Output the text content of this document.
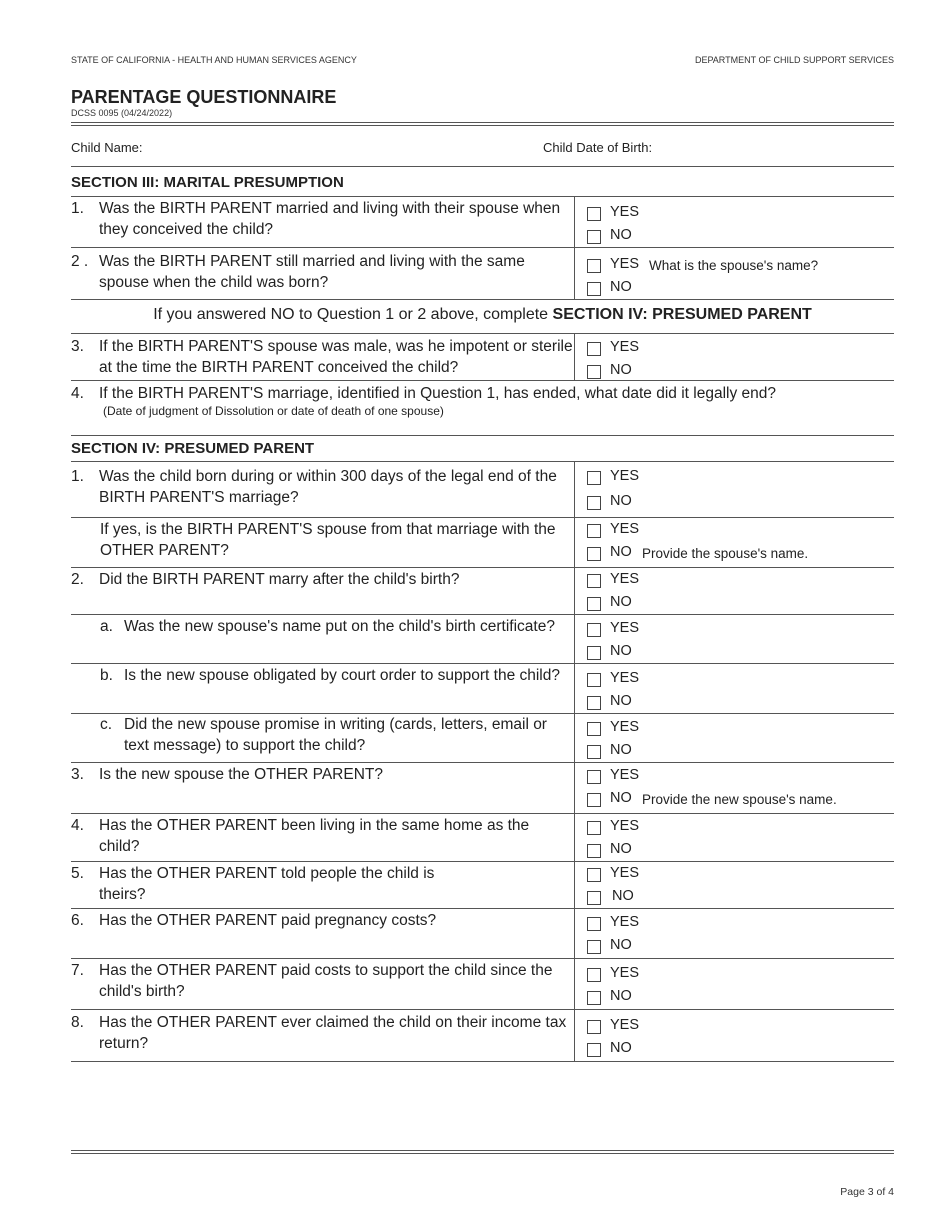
STATE OF CALIFORNIA - HEALTH AND HUMAN SERVICES AGENCY	DEPARTMENT OF CHILD SUPPORT SERVICES
PARENTAGE QUESTIONNAIRE
DCSS 0095 (04/24/2022)
Child Name:	Child Date of Birth:
SECTION III: MARITAL PRESUMPTION
1. Was the BIRTH PARENT married and living with their spouse when they conceived the child?
YES
NO
2 . Was the BIRTH PARENT still married and living with the same spouse when the child was born?
YES What is the spouse's name?
NO
If you answered NO to Question 1 or 2 above, complete SECTION IV: PRESUMED PARENT
3. If the BIRTH PARENT'S spouse was male, was he impotent or sterile at the time the BIRTH PARENT conceived the child?
YES
NO
4. If the BIRTH PARENT'S marriage, identified in Question 1, has ended, what date did it legally end?
(Date of judgment of Dissolution or date of death of one spouse)
SECTION IV: PRESUMED PARENT
1. Was the child born during or within 300 days of the legal end of the BIRTH PARENT'S marriage?
YES
NO
If yes, is the BIRTH PARENT'S spouse from that marriage with the OTHER PARENT?
YES
NO Provide the spouse's name.
2. Did the BIRTH PARENT marry after the child's birth?	YES
NO
a. Was the new spouse's name put on the child's birth certificate?	YES
NO
b. Is the new spouse obligated by court order to support the child?	YES
NO
c. Did the new spouse promise in writing (cards, letters, email or text message) to support the child?
YES
NO
3. Is the new spouse the OTHER PARENT?	YES
NO Provide the new spouse's name.
4. Has the OTHER PARENT been living in the same home as the child?
YES
NO
5. Has the OTHER PARENT told people the child is theirs?
YES
NO
6. Has the OTHER PARENT paid pregnancy costs?	YES
NO
7. Has the OTHER PARENT paid costs to support the child since the child's birth?
YES
NO
8. Has the OTHER PARENT ever claimed the child on their income tax return?
YES
NO
Page 3 of 4
